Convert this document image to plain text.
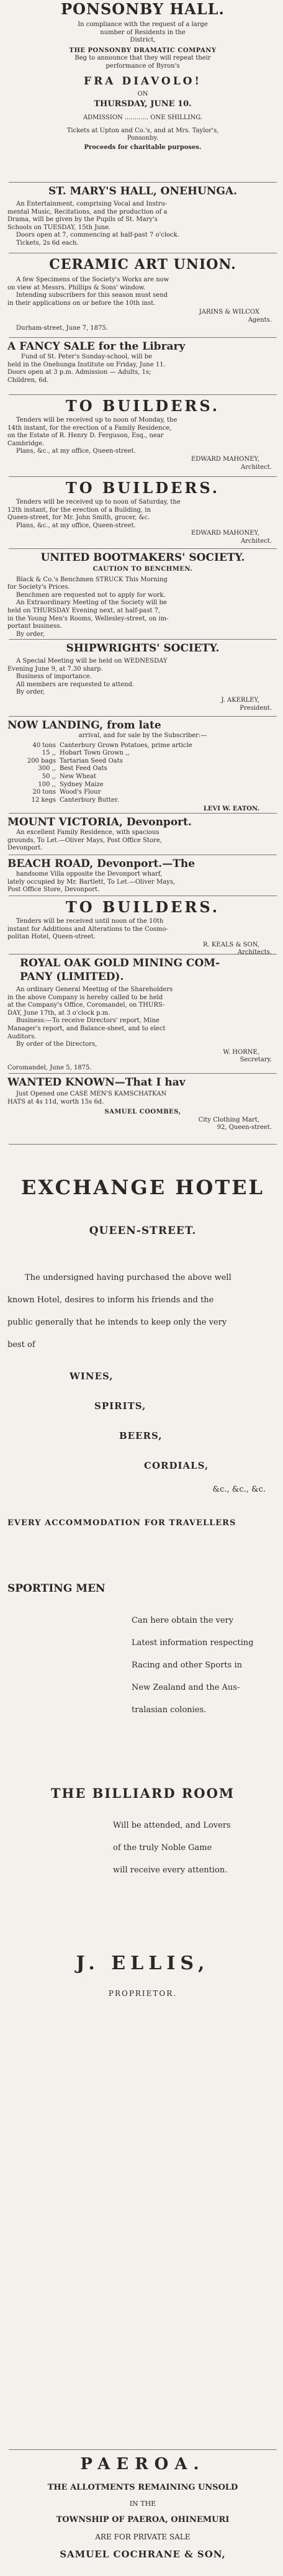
PONSONBY HALL.
In compliance with the request of a large
number of Residents in the
District,
THE PONSONBY DRAMATIC COMPANY
Beg to announce that they will repeat their
performance of Byron's
FRA DIAVOLO!
ON
THURSDAY, JUNE 10.
ADMISSION ............ ONE SHILLING.
Tickets at Upton and Co.'s, and at Mrs. Taylor's,
Ponsonby.
Proceeds for charitable purposes.
ST. MARY'S HALL, ONEHUNGA.
An Entertainment, comprising Vocal and Instru-
mental Music, Recitations, and the production of a
Drama, will be given by the Pupils of St. Mary's
Schools on TUESDAY, 15th June.
Doors open at 7, commencing at half-past 7 o'clock.
Tickets, 2s 6d each.
CERAMIC ART UNION.
A few Specimens of the Society's Works are now
on view at Messrs. Phillips & Sons' window.
Intending subscribers for this season must send
in their applications on or before the 10th inst.
JARINS & WILCOX
Agents.
Durham-street, June 7, 1875.
A FANCY SALE for the Library
Fund of St. Peter's Sunday-school, will be
held in the Onehunga Institute on Friday, June 11.
Doors open at 3 p.m. Admission — Adults, 1s;
Children, 6d.
TO BUILDERS.
Tenders will be received up to noon of Monday, the
14th instant, for the erection of a Family Residence,
on the Estate of R. Henry D. Ferguson, Esq., near
Cambridge.
Plans, &c., at my office, Queen-street.
EDWARD MAHONEY,
Architect.
TO BUILDERS.
Tenders will be received up to noon of Saturday, the
12th instant, for the erection of a Building, in
Queen-street, for Mr. John Smith, grocer, &c.
Plans, &c., at my office, Queen-street.
EDWARD MAHONEY,
Architect.
UNITED BOOTMAKERS' SOCIETY.
CAUTION TO BENCHMEN.
Black & Co.'s Benchmen STRUCK This Morning
for Society's Prices.
Benchmen are requested not to apply for work.
An Extraordinary Meeting of the Society will be
held on THURSDAY Evening next, at half-past 7,
in the Young Men's Rooms, Wellesley-street, on im-
portant business.
By order,
SHIPWRIGHTS' SOCIETY.
A Special Meeting will be held on WEDNESDAY
Evening June 9, at 7.30 sharp.
Business of importance.
All members are requested to attend.
By order,
J. AKERLEY,
President.
NOW LANDING, from late
arrival, and for sale by the Subscriber:—
40 tons Canterbury Grown Potatoes, prime article
15 ,, Hobart Town Grown ,,
200 bags Tartarian Seed Oats
300 ,, Best Feed Oats
50 ,, New Wheat
100 ,, Sydney Maize
20 tons Wood's Flour
12 kegs Canterbury Butter.
LEVI W. EATON.
MOUNT VICTORIA, Devonport.
An excellent Family Residence, with spacious
grounds, To Let.—Oliver Mays, Post Office Store,
Devonport.
BEACH ROAD, Devonport.—The
handsome Villa opposite the Devonport wharf,
lately occupied by Mr. Bartlett, To Let.—Oliver Mays,
Post Office Store, Devonport.
TO BUILDERS.
Tenders will be received until noon of the 10th
instant for Additions and Alterations to the Cosmo-
politan Hotel, Queen-street.
R. KEALS & SON,
Architects.
ROYAL OAK GOLD MINING COM-
PANY (LIMITED).
An ordinary General Meeting of the Shareholders
in the above Company is hereby called to be held
at the Company's Office, Coromandel, on THURS-
DAY, June 17th, at 3 o'clock p.m.
Business:—To receive Directors' report, Mine
Manager's report, and Balance-sheet, and to elect
Auditors.
By order of the Directors,
W. HORNE,
Secretary.
Coromandel, June 5, 1875.
WANTED KNOWN—That I hav
Just Opened one CASE MEN'S KAMSCHATKAN
HATS at 4s 11d, worth 15s 6d.
SAMUEL COOMBES,
City Clothing Mart,
92, Queen-street.
EXCHANGE HOTEL
QUEEN-STREET.
The undersigned having purchased the above well
known Hotel, desires to inform his friends and the
public generally that he intends to keep only the very
best of
WINES,
SPIRITS,
BEERS,
CORDIALS,
&c., &c., &c.
EVERY ACCOMMODATION FOR TRAVELLERS
SPORTING MEN
Can here obtain the very
Latest information respecting
Racing and other Sports in
New Zealand and the Aus-
tralasian colonies.
THE BILLIARD ROOM
Will be attended, and Lovers
of the truly Noble Game
will receive every attention.
J. ELLIS,
PROPRIETOR.
PAEROA.
THE ALLOTMENTS REMAINING UNSOLD
IN THE
TOWNSHIP OF PAEROA, OHINEMURI
ARE FOR PRIVATE SALE
SAMUEL COCHRANE & SON,
